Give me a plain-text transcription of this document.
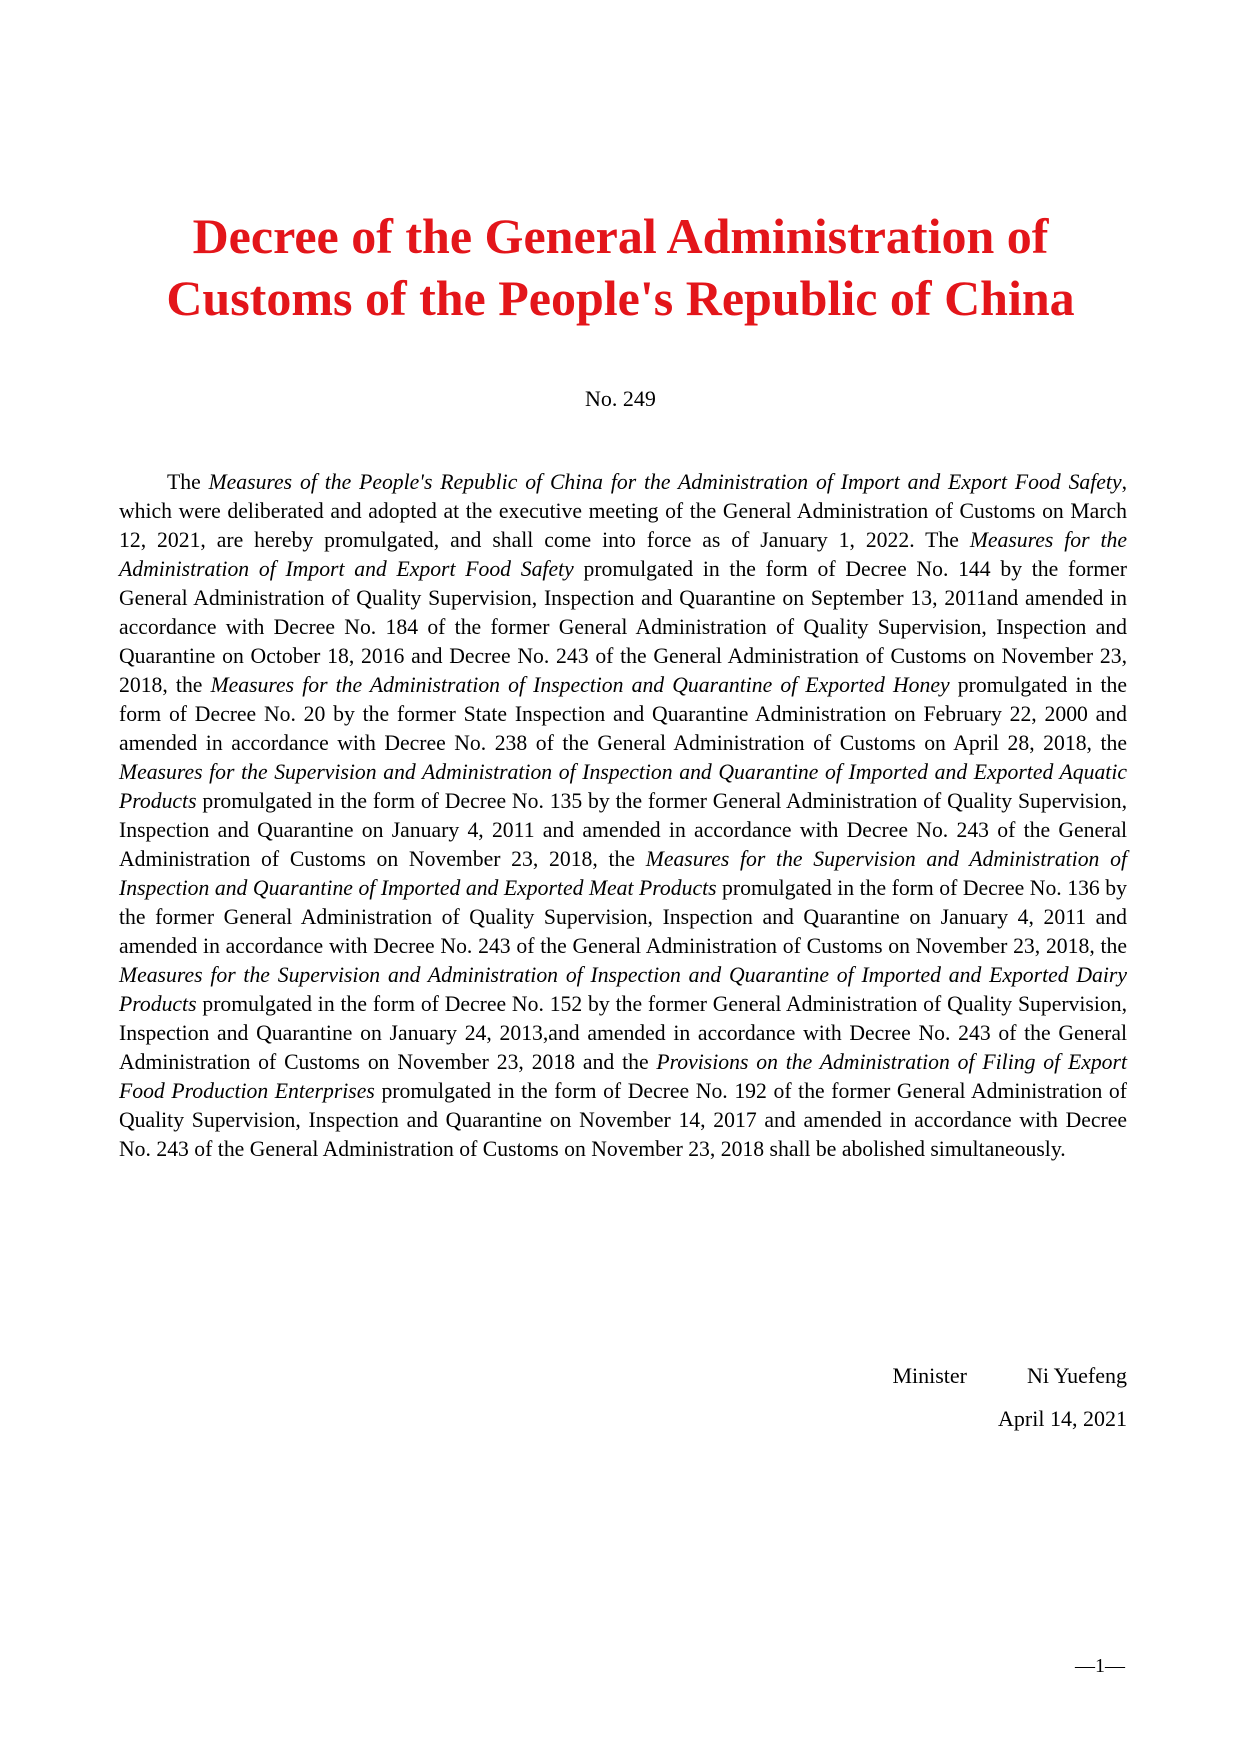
Decree of the General Administration of
Customs of the People's Republic of China
No. 249

The Measures of the People's Republic of China for the Administration of Import and Export Food Safety, which were deliberated and adopted at the executive meeting of the General Administration of Customs on March 12, 2021, are hereby promulgated, and shall come into force as of January 1, 2022. The Measures for the Administration of Import and Export Food Safety promulgated in the form of Decree No. 144 by the former General Administration of Quality Supervision, Inspection and Quarantine on September 13, 2011and amended in accordance with Decree No. 184 of the former General Administration of Quality Supervision, Inspection and Quarantine on October 18, 2016 and Decree No. 243 of the General Administration of Customs on November 23, 2018, the Measures for the Administration of Inspection and Quarantine of Exported Honey promulgated in the form of Decree No. 20 by the former State Inspection and Quarantine Administration on February 22, 2000 and amended in accordance with Decree No. 238 of the General Administration of Customs on April 28, 2018, the Measures for the Supervision and Administration of Inspection and Quarantine of Imported and Exported Aquatic Products promulgated in the form of Decree No. 135 by the former General Administration of Quality Supervision, Inspection and Quarantine on January 4, 2011 and amended in accordance with Decree No. 243 of the General Administration of Customs on November 23, 2018, the Measures for the Supervision and Administration of Inspection and Quarantine of Imported and Exported Meat Products promulgated in the form of Decree No. 136 by the former General Administration of Quality Supervision, Inspection and Quarantine on January 4, 2011 and amended in accordance with Decree No. 243 of the General Administration of Customs on November 23, 2018, the Measures for the Supervision and Administration of Inspection and Quarantine of Imported and Exported Dairy Products promulgated in the form of Decree No. 152 by the former General Administration of Quality Supervision, Inspection and Quarantine on January 24, 2013,and amended in accordance with Decree No. 243 of the General Administration of Customs on November 23, 2018 and the Provisions on the Administration of Filing of Export Food Production Enterprises promulgated in the form of Decree No. 192 of the former General Administration of Quality Supervision, Inspection and Quarantine on November 14, 2017 and amended in accordance with Decree No. 243 of the General Administration of Customs on November 23, 2018 shall be abolished simultaneously.

Minister	Ni Yuefeng
April 14, 2021
—1—
